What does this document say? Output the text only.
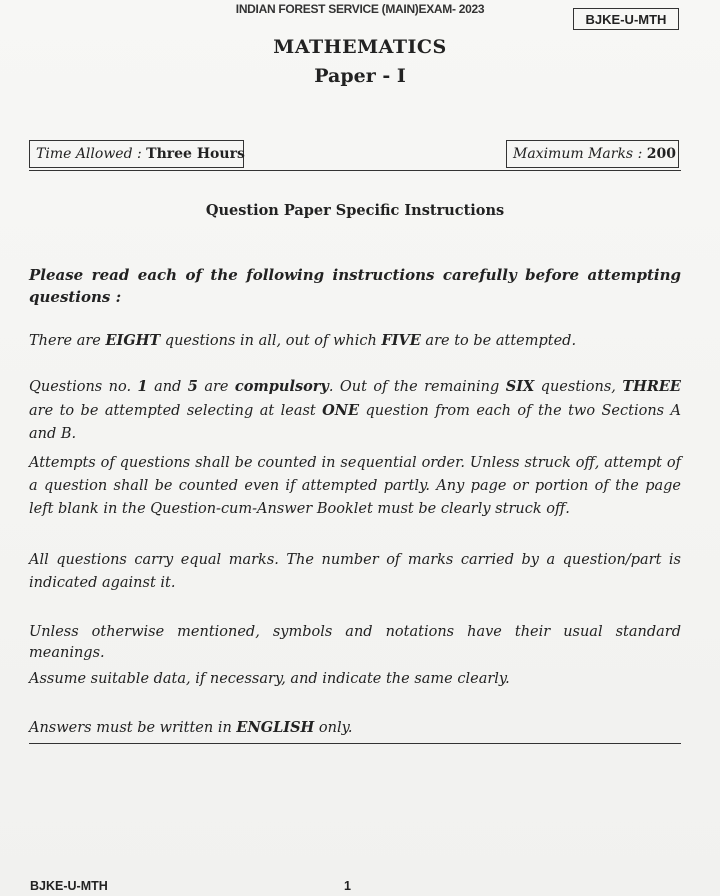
INDIAN FOREST SERVICE (MAIN)EXAM- 2023
BJKE-U-MTH
MATHEMATICS
Paper - I
Time Allowed :
Three Hours	Maximum Marks :
200
Question Paper Specific Instructions
Please read each of the following instructions carefully before attempting questions :
There are EIGHT questions in all, out of which FIVE are to be attempted.
Questions no. 1 and 5 are compulsory. Out of the remaining SIX questions, THREE are to be attempted selecting at least ONE question from each of the two Sections A and B.
Attempts of questions shall be counted in sequential order. Unless struck off, attempt of a question shall be counted even if attempted partly. Any page or portion of the page left blank in the Question-cum-Answer Booklet must be clearly struck off.
All questions carry equal marks. The number of marks carried by a question/part is indicated against it.
Unless otherwise mentioned, symbols and notations have their usual standard meanings.
Assume suitable data, if necessary, and indicate the same clearly.
Answers must be written in ENGLISH only.
BJKE-U-MTH	1
